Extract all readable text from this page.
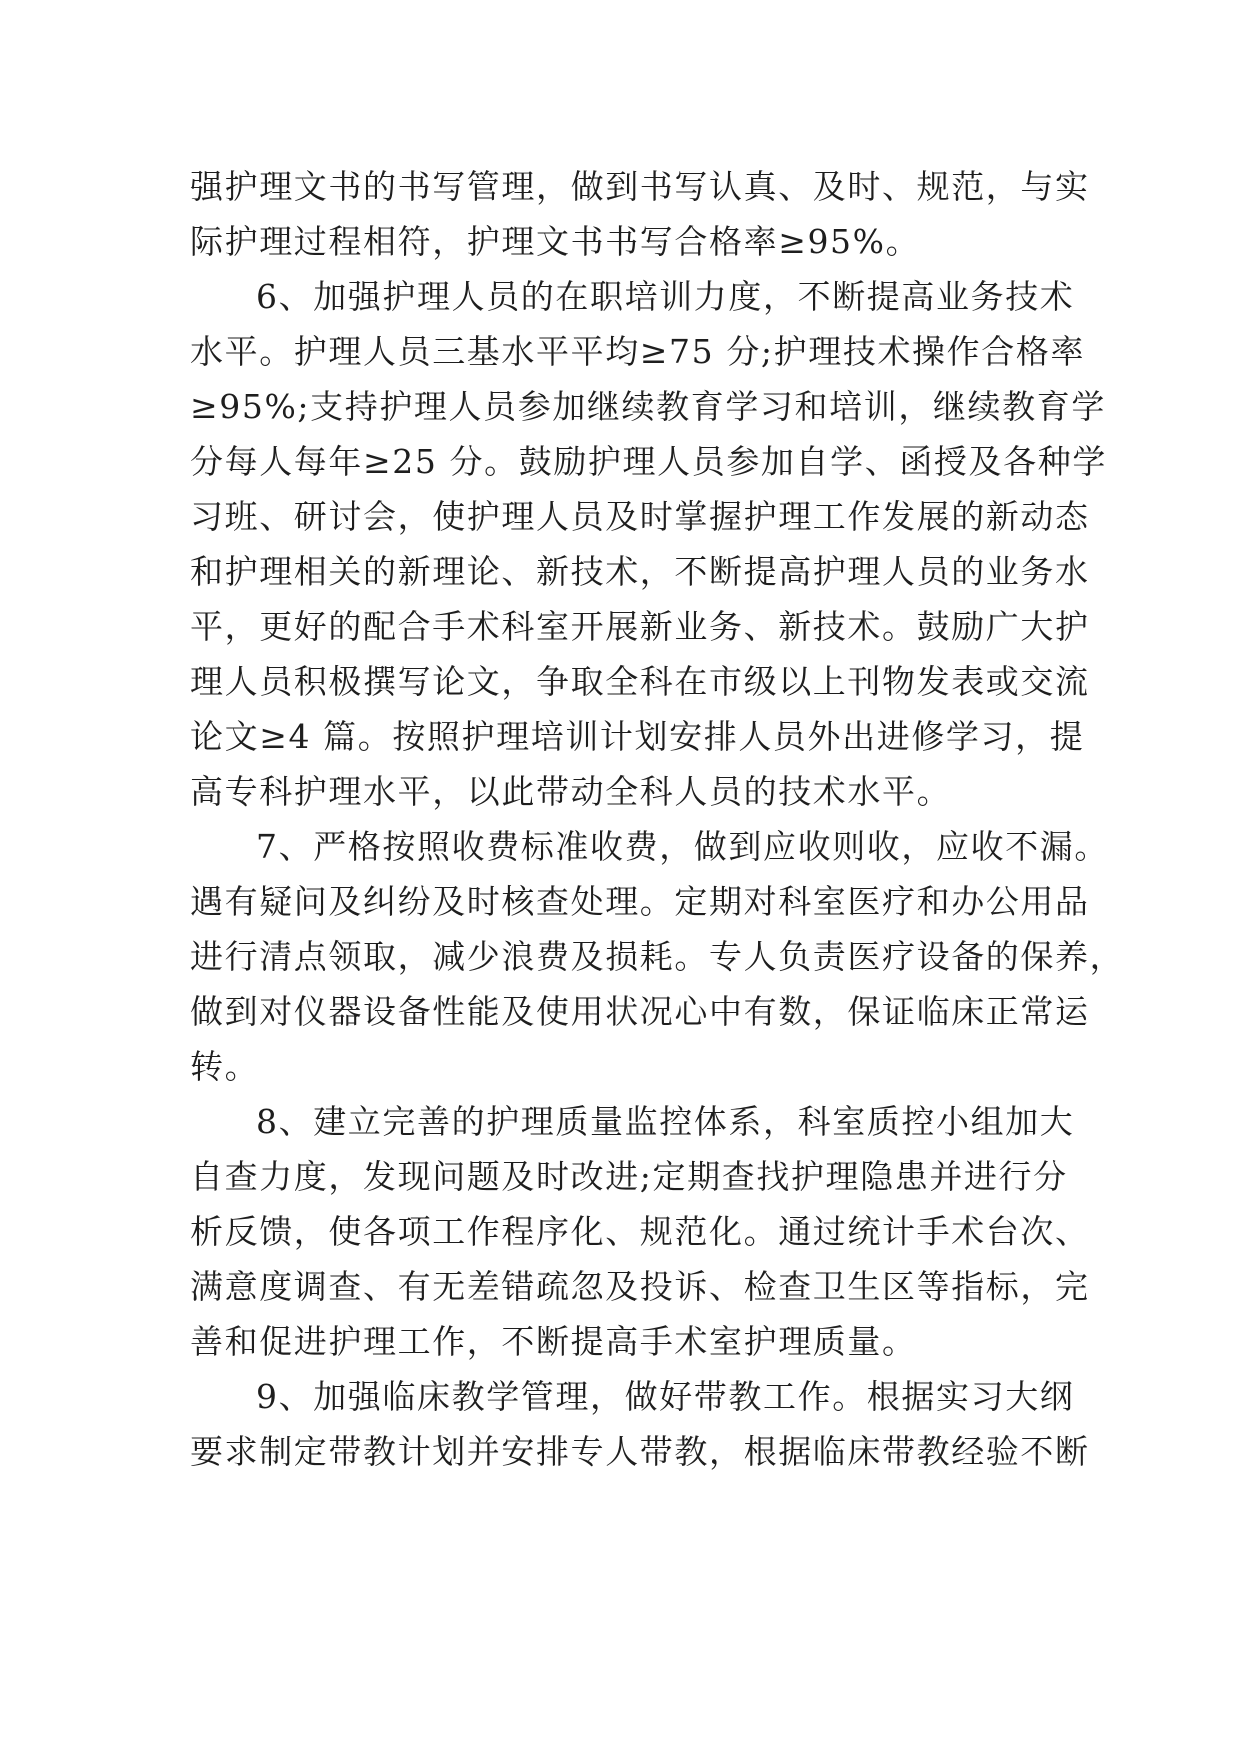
强护理文书的书写管理，做到书写认真、及时、规范，与实
际护理过程相符，护理文书书写合格率≥95%。
6、加强护理人员的在职培训力度，不断提高业务技术
水平。护理人员三基水平平均≥75 分;护理技术操作合格率
≥95%;支持护理人员参加继续教育学习和培训，继续教育学
分每人每年≥25 分。鼓励护理人员参加自学、函授及各种学
习班、研讨会，使护理人员及时掌握护理工作发展的新动态
和护理相关的新理论、新技术，不断提高护理人员的业务水
平，更好的配合手术科室开展新业务、新技术。鼓励广大护
理人员积极撰写论文，争取全科在市级以上刊物发表或交流
论文≥4 篇。按照护理培训计划安排人员外出进修学习，提
高专科护理水平，以此带动全科人员的技术水平。
7、严格按照收费标准收费，做到应收则收，应收不漏。
遇有疑问及纠纷及时核查处理。定期对科室医疗和办公用品
进行清点领取，减少浪费及损耗。专人负责医疗设备的保养，
做到对仪器设备性能及使用状况心中有数，保证临床正常运
转。
8、建立完善的护理质量监控体系，科室质控小组加大
自查力度，发现问题及时改进;定期查找护理隐患并进行分
析反馈，使各项工作程序化、规范化。通过统计手术台次、
满意度调查、有无差错疏忽及投诉、检查卫生区等指标，完
善和促进护理工作，不断提高手术室护理质量。
9、加强临床教学管理，做好带教工作。根据实习大纲
要求制定带教计划并安排专人带教，根据临床带教经验不断
